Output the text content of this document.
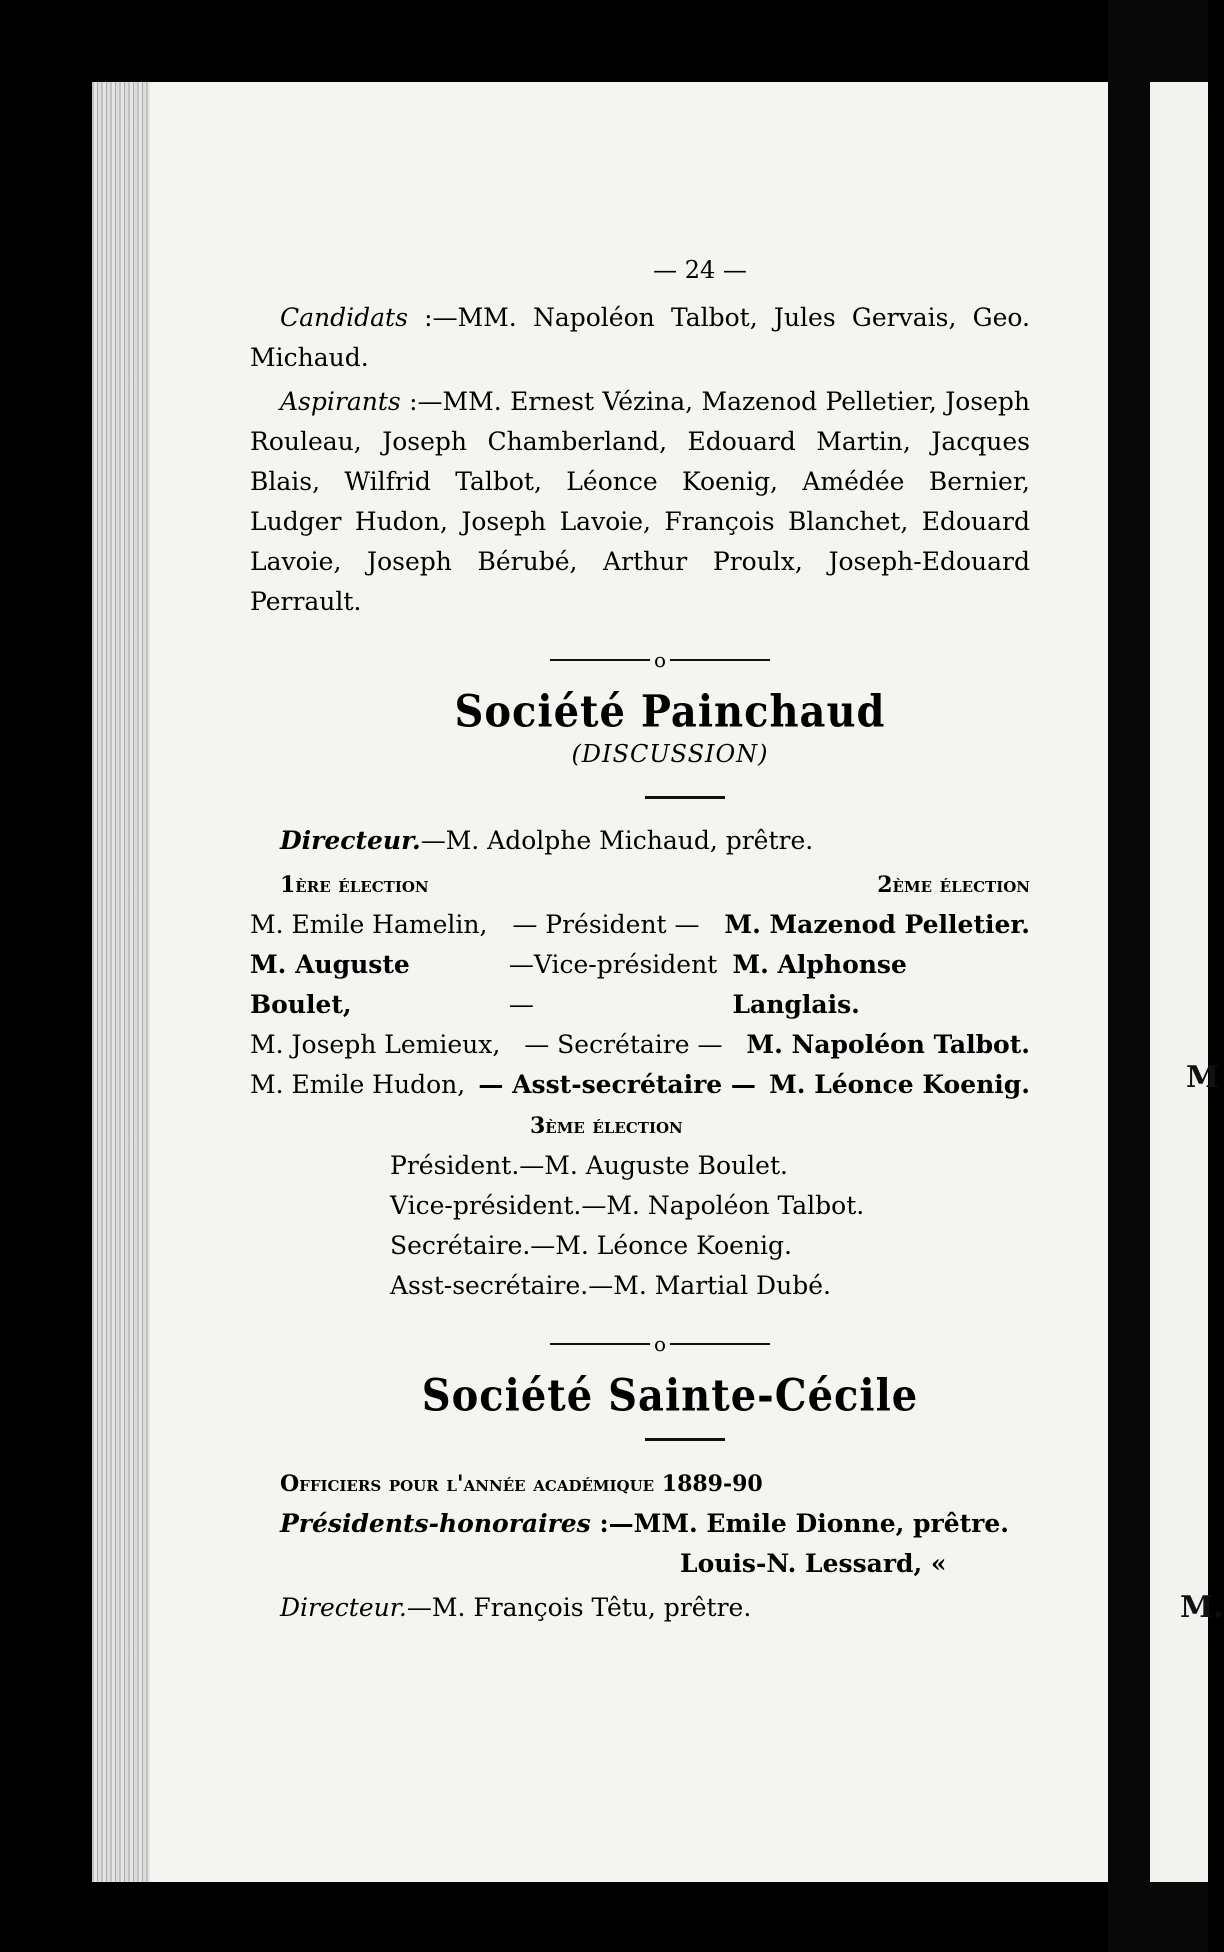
M
M.
— 24 —

Candidats :—MM. Napoléon Talbot, Jules Gervais, Geo. Michaud.

Aspirants :—MM. Ernest Vézina, Mazenod Pelletier, Joseph Rouleau, Joseph Chamberland, Edouard Martin, Jacques Blais, Wilfrid Talbot, Léonce Koenig, Amédée Bernier, Ludger Hudon, Joseph Lavoie, François Blanchet, Edouard Lavoie, Joseph Bérubé, Arthur Proulx, Joseph-Edouard Perrault.

o
Société Painchaud
(DISCUSSION)

Directeur.—M. Adolphe Michaud, prêtre.

1ère élection	2ème élection
M. Emile Hamelin, — Président — M. Mazenod Pelletier.
M. Auguste Boulet,
—Vice-président—
M. Alphonse Langlais.
M. Joseph Lemieux, — Secrétaire — M. Napoléon Talbot.
M. Emile Hudon, — Asst-secrétaire — M. Léonce Koenig.
3ème élection
Président.—M. Auguste Boulet.
Vice-président.—M. Napoléon Talbot.
Secrétaire.—M. Léonce Koenig.
Asst-secrétaire.—M. Martial Dubé.
o
Société Sainte-Cécile
Officiers pour l'année académique 1889-90

Présidents-honoraires :—MM. Emile Dionne, prêtre.

Louis-N. Lessard, «

Directeur.—M. François Têtu, prêtre.
